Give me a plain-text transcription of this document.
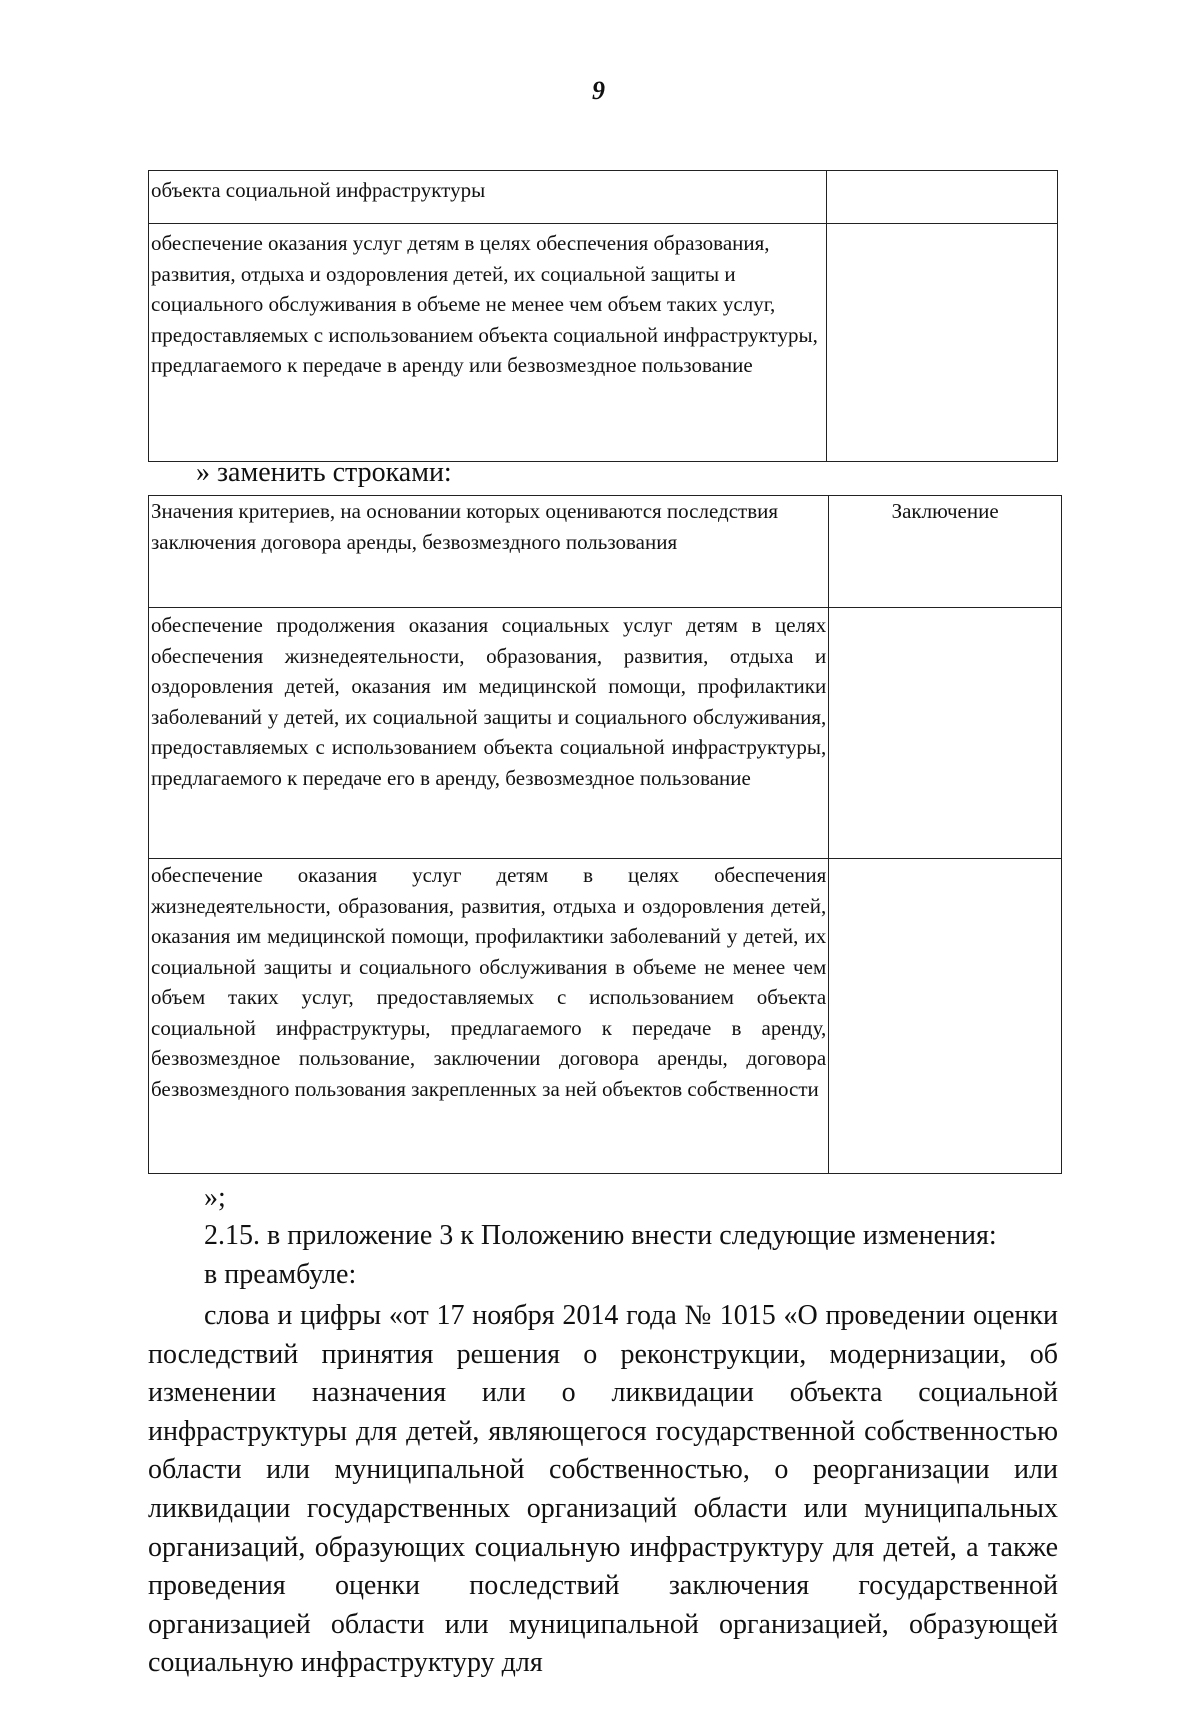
9
объекта социальной инфраструктуры	
обеспечение оказания услуг детям в целях обеспечения образования, развития, отдыха и оздоровления детей, их социальной защиты и социального обслуживания в объеме не менее чем объем таких услуг, предоставляемых с использованием объекта социальной инфраструктуры, предлагаемого к передаче в аренду или безвозмездное пользование	
» заменить строками:
Значения критериев, на основании которых оцениваются последствия заключения договора аренды, безвозмездного пользования	Заключение
обеспечение продолжения оказания социальных услуг детям в целях обеспечения жизнедеятельности, образования, развития, отдыха и оздоровления детей, оказания им медицинской помощи, профилактики заболеваний у детей, их социальной защиты и социального обслуживания, предоставляемых с использованием объекта социальной инфраструктуры, предлагаемого к передаче его в аренду, безвозмездное пользование	
обеспечение оказания услуг детям в целях обеспечения жизнедеятельности, образования, развития, отдыха и оздоровления детей, оказания им медицинской помощи, профилактики заболеваний у детей, их социальной защиты и социального обслуживания в объеме не менее чем объем таких услуг, предоставляемых с использованием объекта социальной инфраструктуры, предлагаемого к передаче в аренду, безвозмездное пользование, заключении договора аренды, договора безвозмездного пользования закрепленных за ней объектов собственности	
»;
2.15. в приложение 3 к Положению внести следующие изменения:
в преамбуле:
слова и цифры «от 17 ноября 2014 года № 1015 «О проведении оценки последствий принятия решения о реконструкции, модернизации, об изменении назначения или о ликвидации объекта социальной инфраструктуры для детей, являющегося государственной собственностью области или муниципальной собственностью, о реорганизации или ликвидации государственных организаций области или муниципальных организаций, образующих социальную инфраструктуру для детей, а также проведения оценки последствий заключения государственной организацией области или муниципальной организацией, образующей социальную инфраструктуру для
